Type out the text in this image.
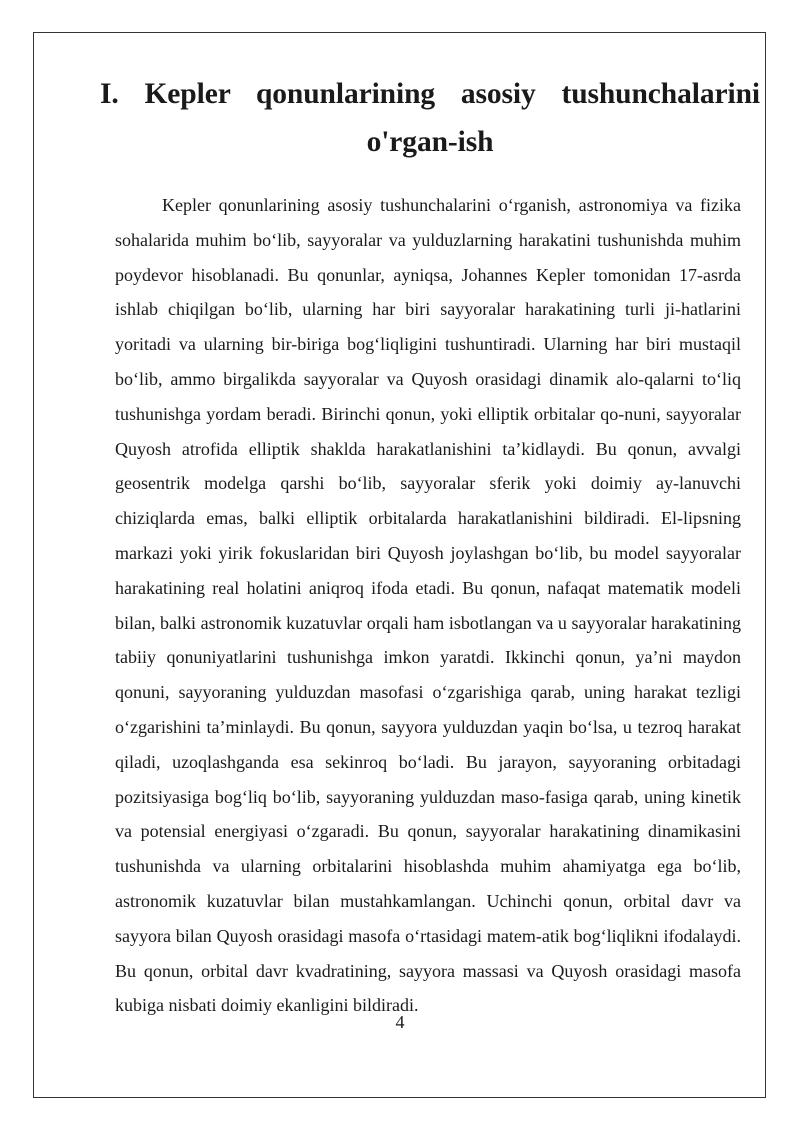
I. Kepler qonunlarining asosiy tushunchalarini o'rgan-ish

Kepler qonunlarining asosiy tushunchalarini o‘rganish, astronomiya va fizika sohalarida muhim bo‘lib, sayyoralar va yulduzlarning harakatini tushunishda muhim poydevor hisoblanadi. Bu qonunlar, ayniqsa, Johannes Kepler tomonidan 17-asrda ishlab chiqilgan bo‘lib, ularning har biri sayyoralar harakatining turli ji-hatlarini yoritadi va ularning bir-biriga bog‘liqligini tushuntiradi. Ularning har biri mustaqil bo‘lib, ammo birgalikda sayyoralar va Quyosh orasidagi dinamik alo-qalarni to‘liq tushunishga yordam beradi. Birinchi qonun, yoki elliptik orbitalar qo-nuni, sayyoralar Quyosh atrofida elliptik shaklda harakatlanishini ta’kidlaydi. Bu qonun, avvalgi geosentrik modelga qarshi bo‘lib, sayyoralar sferik yoki doimiy ay-lanuvchi chiziqlarda emas, balki elliptik orbitalarda harakatlanishini bildiradi. El-lipsning markazi yoki yirik fokuslaridan biri Quyosh joylashgan bo‘lib, bu model sayyoralar harakatining real holatini aniqroq ifoda etadi. Bu qonun, nafaqat matematik modeli bilan, balki astronomik kuzatuvlar orqali ham isbotlangan va u sayyoralar harakatining tabiiy qonuniyatlarini tushunishga imkon yaratdi. Ikkinchi qonun, ya’ni maydon qonuni, sayyoraning yulduzdan masofasi o‘zgarishiga qarab, uning harakat tezligi o‘zgarishini ta’minlaydi. Bu qonun, sayyora yulduzdan yaqin bo‘lsa, u tezroq harakat qiladi, uzoqlashganda esa sekinroq bo‘ladi. Bu jarayon, sayyoraning orbitadagi pozitsiyasiga bog‘liq bo‘lib, sayyoraning yulduzdan maso-fasiga qarab, uning kinetik va potensial energiyasi o‘zgaradi. Bu qonun, sayyoralar harakatining dinamikasini tushunishda va ularning orbitalarini hisoblashda muhim ahamiyatga ega bo‘lib, astronomik kuzatuvlar bilan mustahkamlangan. Uchinchi qonun, orbital davr va sayyora bilan Quyosh orasidagi masofa o‘rtasidagi matem-atik bog‘liqlikni ifodalaydi. Bu qonun, orbital davr kvadratining, sayyora massasi va Quyosh orasidagi masofa kubiga nisbati doimiy ekanligini bildiradi.

4
